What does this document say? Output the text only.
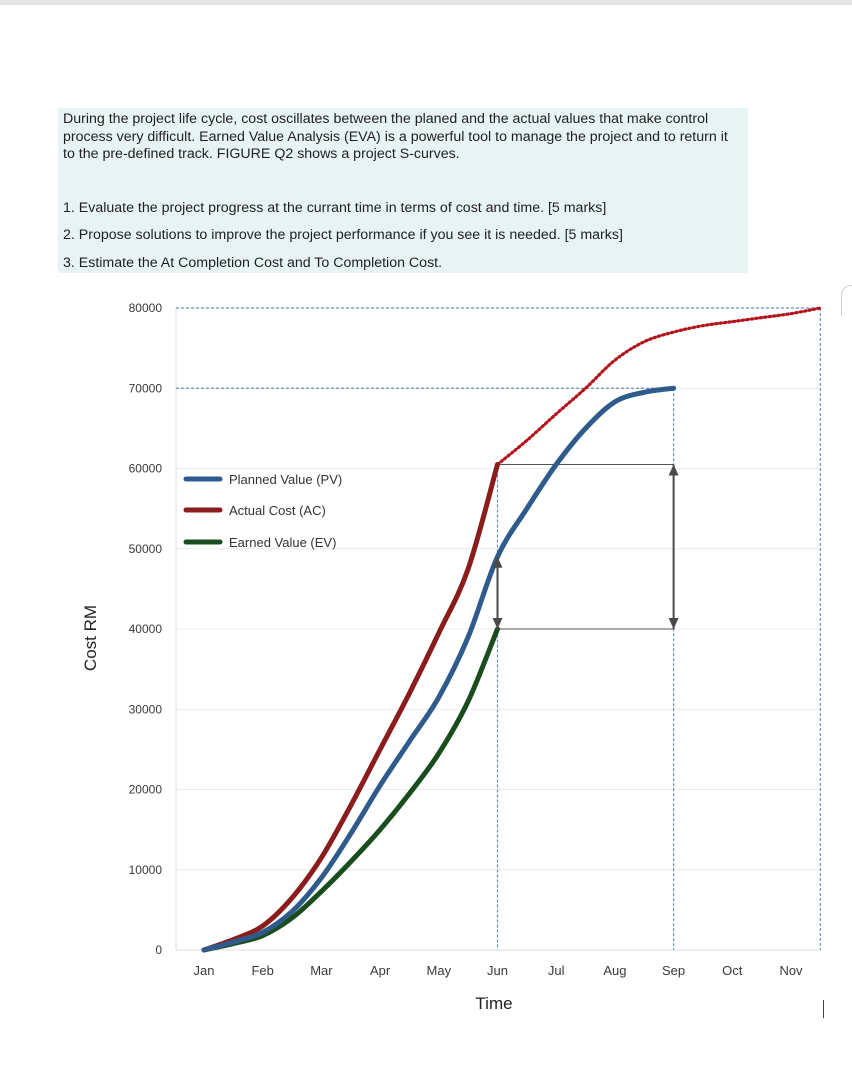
During the project life cycle, cost oscillates between the planed and the actual values that make control process very difficult. Earned Value Analysis (EVA) is a powerful tool to manage the project and to return it to the pre-defined track. FIGURE Q2 shows a project S-curves.

1. Evaluate the project progress at the currant time in terms of cost and time. [5 marks]
2. Propose solutions to improve the project performance if you see it is needed. [5 marks]
3. Estimate the At Completion Cost and To Completion Cost.
0
10000
20000
30000
40000
50000
60000
70000
80000
Jan	Feb	Mar	Apr	May	Jun	Jul	Aug	Sep	Oct	Nov
Planned Value (PV)
Actual Cost (AC)
Earned Value (EV)
Cost RM
Time
